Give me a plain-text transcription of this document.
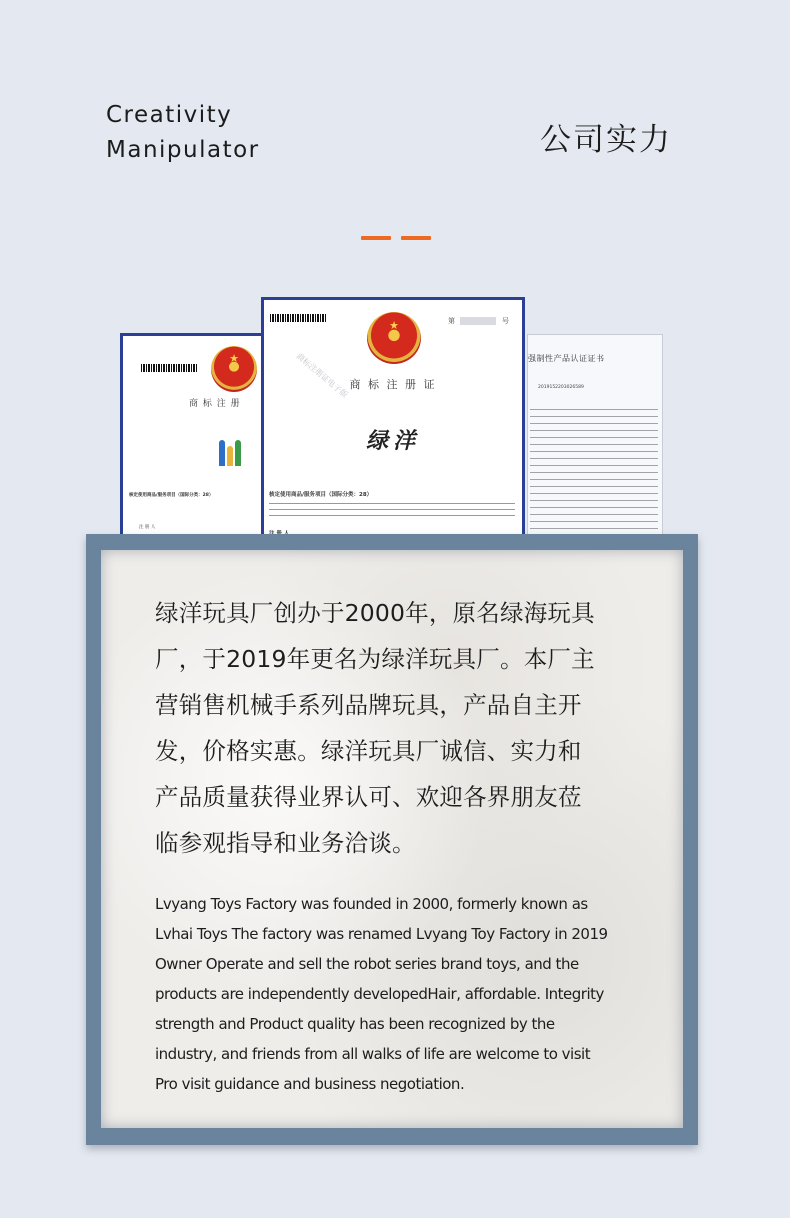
Creativity
Manipulator	公司实力
★
商 标 注 册
核定使用商品/服务项目（国际分类：28）
注 册 人
强制性产品认证证书
2019152203026589
第	号
★
商 标 注 册 证
绿洋
商标注册证电子版
核定使用商品/服务项目（国际分类：28）
绿洋玩具厂创办于2000年，原名绿海玩具
厂，于2019年更名为绿洋玩具厂。本厂主
营销售机械手系列品牌玩具，产品自主开
发，价格实惠。绿洋玩具厂诚信、实力和
产品质量获得业界认可、欢迎各界朋友莅
临参观指导和业务洽谈。
Lvyang Toys Factory was founded in 2000, formerly known as
Lvhai Toys The factory was renamed Lvyang Toy Factory in 2019
Owner Operate and sell the robot series brand toys, and the
products are independently developedHair, affordable. Integrity
strength and Product quality has been recognized by the
industry, and friends from all walks of life are welcome to visit
Pro visit guidance and business negotiation.
